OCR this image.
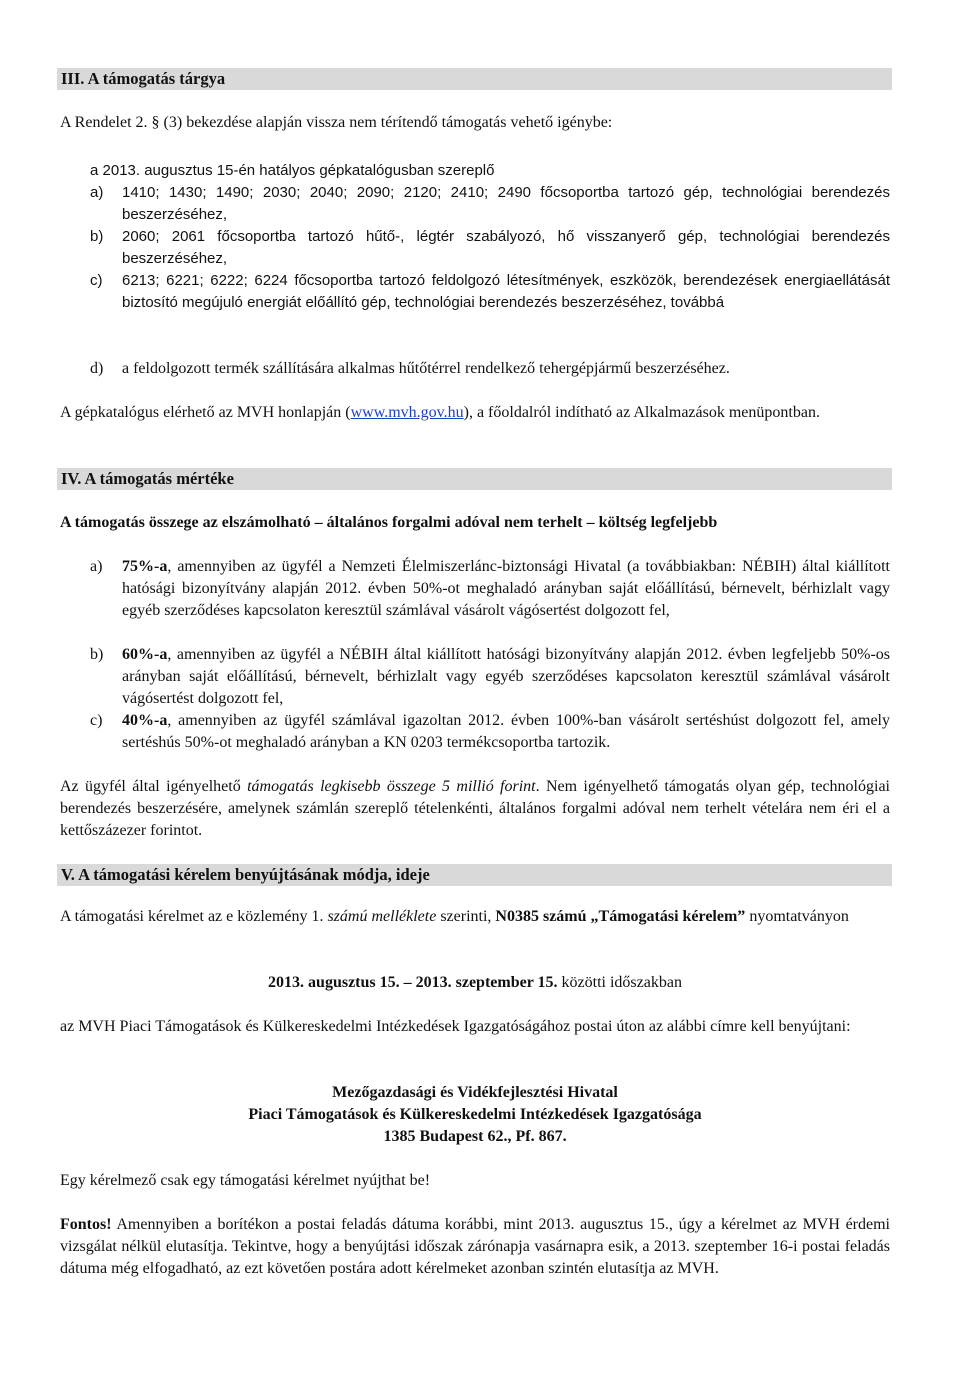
III. A támogatás tárgya

A Rendelet 2. § (3) bekezdése alapján vissza nem térítendő támogatás vehető igénybe:

a 2013. augusztus 15-én hatályos gépkatalógusban szereplő

a)	1410; 1430; 1490; 2030; 2040; 2090; 2120; 2410; 2490 főcsoportba tartozó gép, technológiai berendezés beszerzéséhez,
b)	2060; 2061 főcsoportba tartozó hűtő-, légtér szabályozó, hő visszanyerő gép, technológiai berendezés beszerzéséhez,
c)	6213; 6221; 6222; 6224 főcsoportba tartozó feldolgozó létesítmények, eszközök, berendezések energiaellátását biztosító megújuló energiát előállító gép, technológiai berendezés beszerzéséhez, továbbá
d)	a feldolgozott termék szállítására alkalmas hűtőtérrel rendelkező tehergépjármű beszerzéséhez.

A gépkatalógus elérhető az MVH honlapján (www.mvh.gov.hu), a főoldalról indítható az Alkalmazások menüpontban.

IV. A támogatás mértéke

A támogatás összege az elszámolható – általános forgalmi adóval nem terhelt – költség legfeljebb

a)	75%-a, amennyiben az ügyfél a Nemzeti Élelmiszerlánc-biztonsági Hivatal (a továbbiakban: NÉBIH) által kiállított hatósági bizonyítvány alapján 2012. évben 50%-ot meghaladó arányban saját előállítású, bérnevelt, bérhizlalt vagy egyéb szerződéses kapcsolaton keresztül számlával vásárolt vágósertést dolgozott fel,
b)	60%-a, amennyiben az ügyfél a NÉBIH által kiállított hatósági bizonyítvány alapján 2012. évben legfeljebb 50%-os arányban saját előállítású, bérnevelt, bérhizlalt vagy egyéb szerződéses kapcsolaton keresztül számlával vásárolt vágósertést dolgozott fel,
c)	40%-a, amennyiben az ügyfél számlával igazoltan 2012. évben 100%-ban vásárolt sertéshúst dolgozott fel, amely sertéshús 50%-ot meghaladó arányban a KN 0203 termékcsoportba tartozik.

Az ügyfél által igényelhető támogatás legkisebb összege 5 millió forint. Nem igényelhető támogatás olyan gép, technológiai berendezés beszerzésére, amelynek számlán szereplő tételenkénti, általános forgalmi adóval nem terhelt vételára nem éri el a kettőszázezer forintot.

V. A támogatási kérelem benyújtásának módja, ideje

A támogatási kérelmet az e közlemény 1. számú melléklete szerinti, N0385 számú „Támogatási kérelem” nyomtatványon

2013. augusztus 15. – 2013. szeptember 15. közötti időszakban

az MVH Piaci Támogatások és Külkereskedelmi Intézkedések Igazgatóságához postai úton az alábbi címre kell benyújtani:

Mezőgazdasági és Vidékfejlesztési Hivatal
Piaci Támogatások és Külkereskedelmi Intézkedések Igazgatósága
1385 Budapest 62., Pf. 867.

Egy kérelmező csak egy támogatási kérelmet nyújthat be!

Fontos! Amennyiben a borítékon a postai feladás dátuma korábbi, mint 2013. augusztus 15., úgy a kérelmet az MVH érdemi vizsgálat nélkül elutasítja. Tekintve, hogy a benyújtási időszak zárónapja vasárnapra esik, a 2013. szeptember 16-i postai feladás dátuma még elfogadható, az ezt követően postára adott kérelmeket azonban szintén elutasítja az MVH.
